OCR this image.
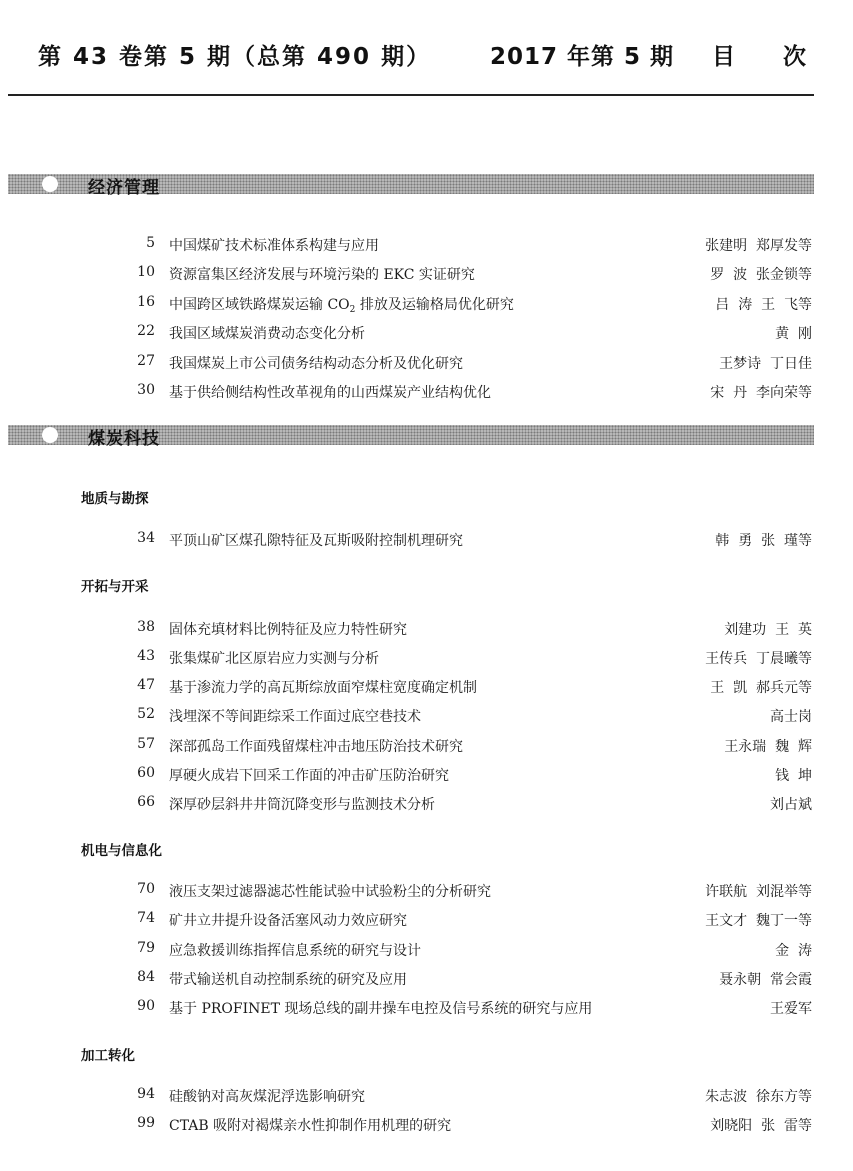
第 43 卷第 5 期（总第 490 期）	2017 年第 5 期 目 次
经济管理
5 中国煤矿技术标准体系构建与应用	张建明  郑厚发等
10 资源富集区经济发展与环境污染的 EKC 实证研究	罗  波  张金锁等
16 中国跨区域铁路煤炭运输 $CO_2$ 排放及运输格局优化研究	吕  涛  王  飞等
22 我国区域煤炭消费动态变化分析	黄  刚
27 我国煤炭上市公司债务结构动态分析及优化研究	王梦诗  丁日佳
30 基于供给侧结构性改革视角的山西煤炭产业结构优化	宋  丹  李向荣等
煤炭科技
地质与勘探
34 平顶山矿区煤孔隙特征及瓦斯吸附控制机理研究	韩  勇  张  瑾等
开拓与开采
38 固体充填材料比例特征及应力特性研究	刘建功  王  英
43 张集煤矿北区原岩应力实测与分析	王传兵  丁晨曦等
47 基于渗流力学的高瓦斯综放面窄煤柱宽度确定机制	王  凯  郝兵元等
52 浅埋深不等间距综采工作面过底空巷技术	高士岗
57 深部孤岛工作面残留煤柱冲击地压防治技术研究	王永瑞  魏  辉
60 厚硬火成岩下回采工作面的冲击矿压防治研究	钱  坤
66 深厚砂层斜井井筒沉降变形与监测技术分析	刘占斌
机电与信息化
70 液压支架过滤器滤芯性能试验中试验粉尘的分析研究	许联航  刘混举等
74 矿井立井提升设备活塞风动力效应研究	王文才  魏丁一等
79 应急救援训练指挥信息系统的研究与设计	金  涛
84 带式输送机自动控制系统的研究及应用	聂永朝  常会霞
90 基于 PROFINET 现场总线的副井操车电控及信号系统的研究与应用	王爱军
加工转化
94 硅酸钠对高灰煤泥浮选影响研究	朱志波  徐东方等
99 CTAB 吸附对褐煤亲水性抑制作用机理的研究	刘晓阳  张  雷等
